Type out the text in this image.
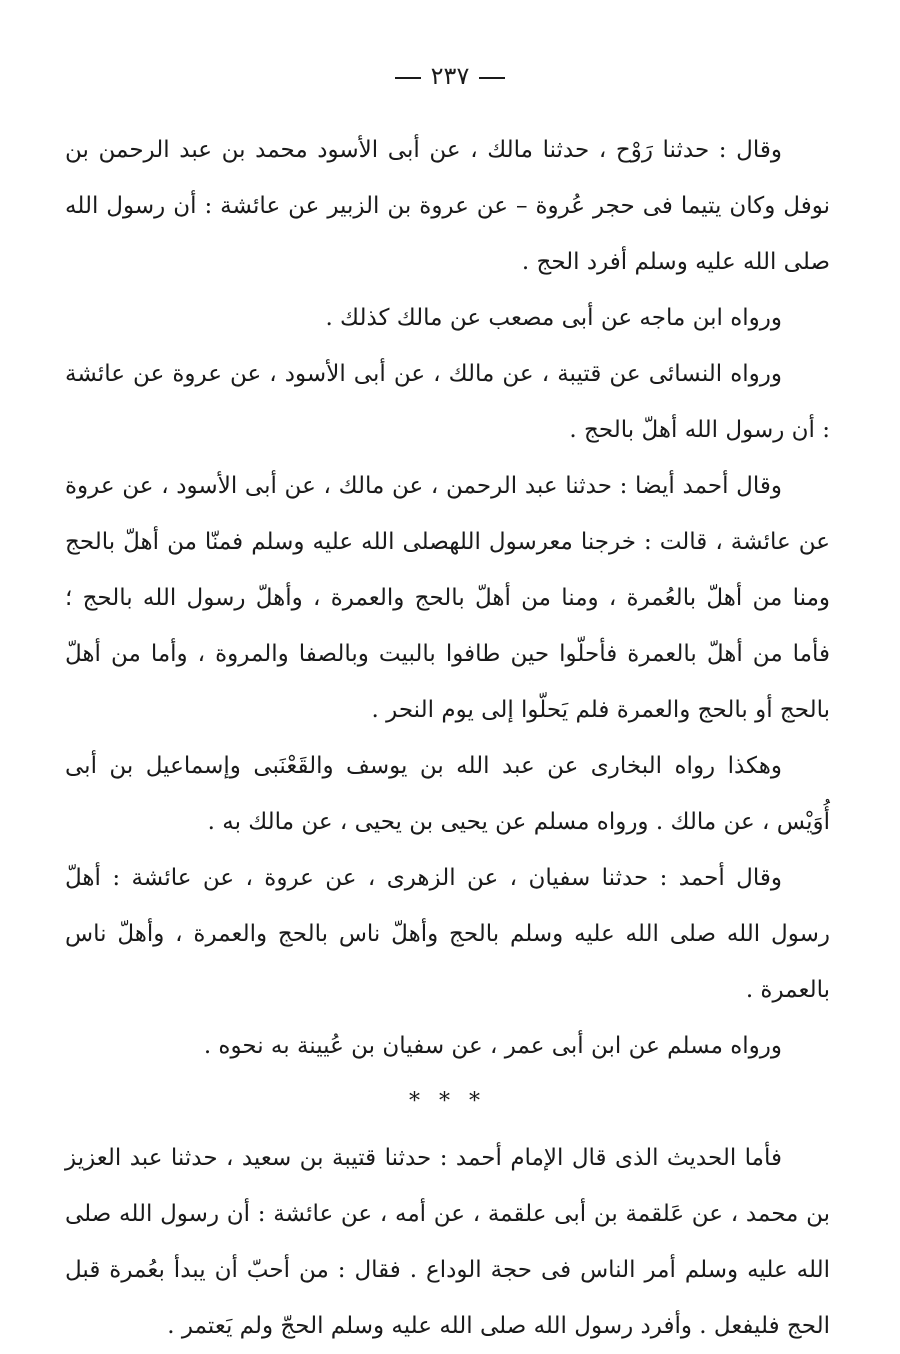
٢٣٧

وقال : حدثنا رَوْح ، حدثنا مالك ، عن أبى الأسود محمد بن عبد الرحمن بن نوفل وكان يتيما فى حجر عُروة – عن عروة بن الزبير عن عائشة : أن رسول الله صلى الله عليه وسلم أفرد الحج .

ورواه ابن ماجه عن أبى مصعب عن مالك كذلك .

ورواه النسائى عن قتيبة ، عن مالك ، عن أبى الأسود ، عن عروة عن عائشة : أن رسول الله أهلّ بالحج .

وقال أحمد أيضا : حدثنا عبد الرحمن ، عن مالك ، عن أبى الأسود ، عن عروة عن عائشة ، قالت : خرجنا معرسول اللهصلى الله عليه وسلم فمنّا من أهلّ بالحج ومنا من أهلّ بالعُمرة ، ومنا من أهلّ بالحج والعمرة ، وأهلّ رسول الله بالحج ؛ فأما من أهلّ بالعمرة فأحلّوا حين طافوا بالبيت وبالصفا والمروة ، وأما من أهلّ بالحج أو بالحج والعمرة فلم يَحلّوا إلى يوم النحر .

وهكذا رواه البخارى عن عبد الله بن يوسف والقَعْنَبى وإسماعيل بن أبى أُوَيْس ، عن مالك . ورواه مسلم عن يحيى بن يحيى ، عن مالك به .

وقال أحمد : حدثنا سفيان ، عن الزهرى ، عن عروة ، عن عائشة : أهلّ رسول الله صلى الله عليه وسلم بالحج وأهلّ ناس بالحج والعمرة ، وأهلّ ناس بالعمرة .

ورواه مسلم عن ابن أبى عمر ، عن سفيان بن عُيينة به نحوه .

* * *

فأما الحديث الذى قال الإمام أحمد : حدثنا قتيبة بن سعيد ، حدثنا عبد العزيز بن محمد ، عن عَلقمة بن أبى علقمة ، عن أمه ، عن عائشة : أن رسول الله صلى الله عليه وسلم أمر الناس فى حجة الوداع . فقال : من أحبّ أن يبدأ بعُمرة قبل الحج فليفعل . وأفرد رسول الله صلى الله عليه وسلم الحجّ ولم يَعتمر .
